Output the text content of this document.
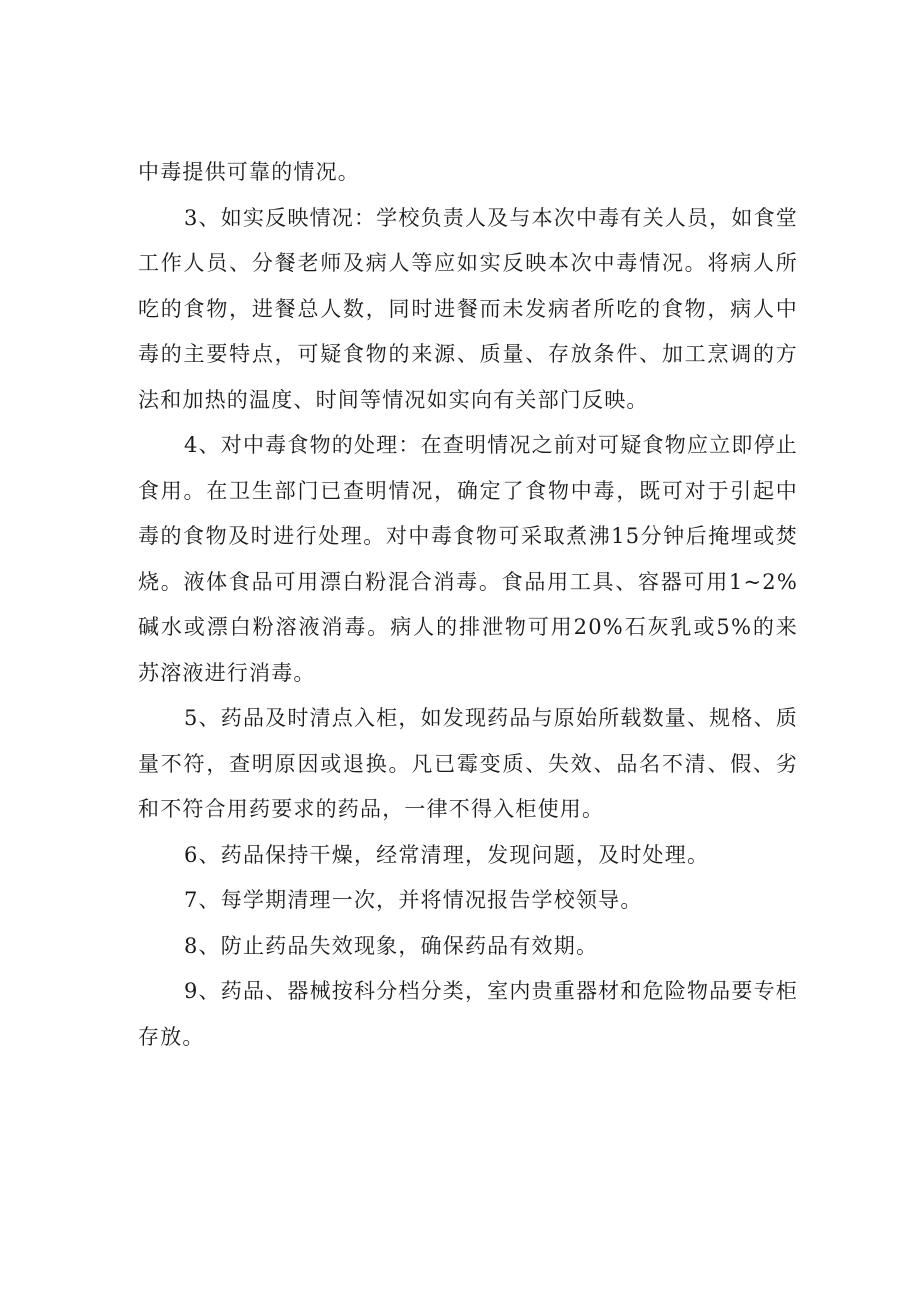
中毒提供可靠的情况。

3、如实反映情况：学校负责人及与本次中毒有关人员，如食堂工作人员、分餐老师及病人等应如实反映本次中毒情况。将病人所吃的食物，进餐总人数，同时进餐而未发病者所吃的食物，病人中毒的主要特点，可疑食物的来源、质量、存放条件、加工烹调的方法和加热的温度、时间等情况如实向有关部门反映。

4、对中毒食物的处理：在查明情况之前对可疑食物应立即停止食用。在卫生部门已查明情况，确定了食物中毒，既可对于引起中毒的食物及时进行处理。对中毒食物可采取煮沸15分钟后掩埋或焚烧。液体食品可用漂白粉混合消毒。食品用工具、容器可用1~2%碱水或漂白粉溶液消毒。病人的排泄物可用20%石灰乳或5%的来苏溶液进行消毒。

5、药品及时清点入柜，如发现药品与原始所载数量、规格、质量不符，查明原因或退换。凡已霉变质、失效、品名不清、假、劣和不符合用药要求的药品，一律不得入柜使用。

6、药品保持干燥，经常清理，发现问题，及时处理。

7、每学期清理一次，并将情况报告学校领导。

8、防止药品失效现象，确保药品有效期。

9、药品、器械按科分档分类，室内贵重器材和危险物品要专柜存放。
